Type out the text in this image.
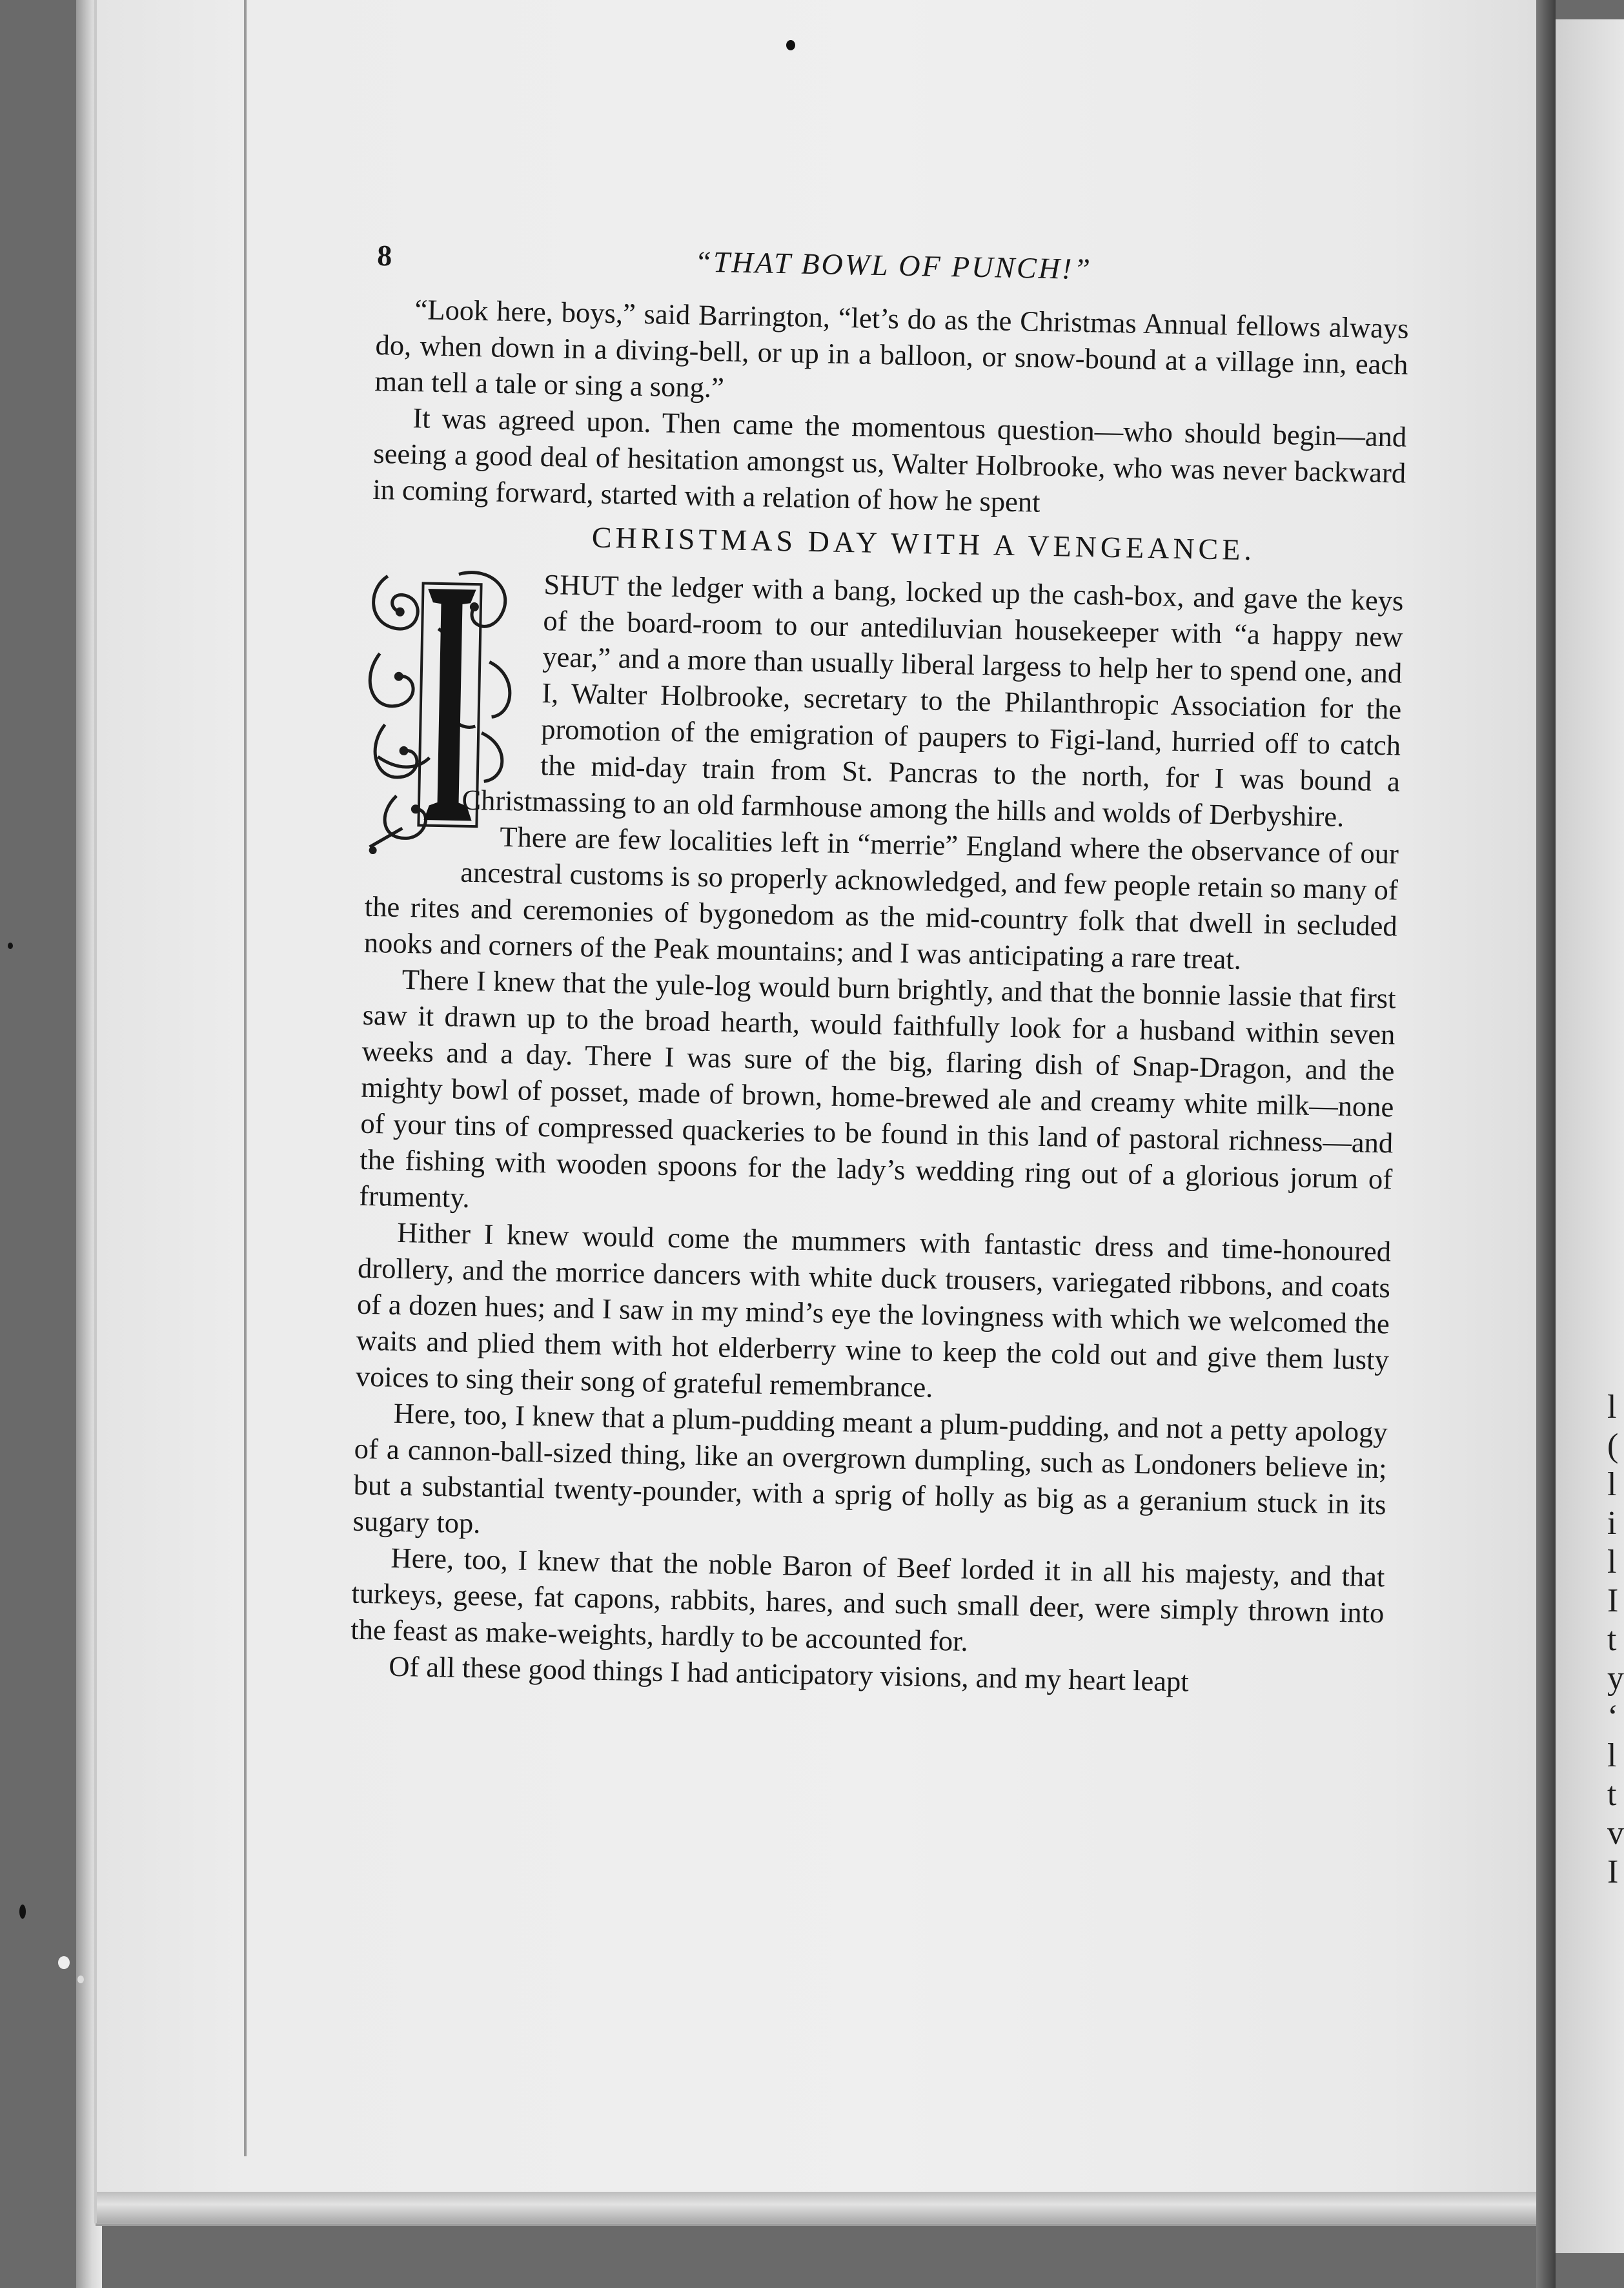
l
(
l
i
l
I
t
y
‘
l
t
v
I
8	“THAT BOWL OF PUNCH!”

“Look here, boys,” said Barrington, “let’s do as the Christmas Annual fellows always do, when down in a diving-bell, or up in a balloon, or snow-bound at a village inn, each man tell a tale or sing a song.”

It was agreed upon. Then came the momentous question—who should begin—and seeing a good deal of hesitation amongst us, Walter Holbrooke, who was never backward in coming forward, started with a relation of how he spent

CHRISTMAS DAY WITH A VENGEANCE.

SHUT the ledger with a bang, locked up the cash-box, and gave the keys of the board-room to our antediluvian housekeeper with “a happy new year,” and a more than usually liberal largess to help her to spend one, and I, Walter Holbrooke, secretary to the Philanthropic Association for the promotion of the emigration of paupers to Figi-land, hurried off to catch the mid-day train from St. Pancras to the north, for I was bound a Christmassing to an old farmhouse among the hills and wolds of Derbyshire.

There are few localities left in “merrie” England where the observance of our ancestral customs is so properly acknowledged, and few people retain so many of the rites and ceremonies of bygonedom as the mid-country folk that dwell in secluded nooks and corners of the Peak mountains; and I was anticipating a rare treat.

There I knew that the yule-log would burn brightly, and that the bonnie lassie that first saw it drawn up to the broad hearth, would faithfully look for a husband within seven weeks and a day. There I was sure of the big, flaring dish of Snap-Dragon, and the mighty bowl of posset, made of brown, home-brewed ale and creamy white milk—none of your tins of compressed quackeries to be found in this land of pastoral richness—and the fishing with wooden spoons for the lady’s wedding ring out of a glorious jorum of frumenty.

Hither I knew would come the mummers with fantastic dress and time-honoured drollery, and the morrice dancers with white duck trousers, variegated ribbons, and coats of a dozen hues; and I saw in my mind’s eye the lovingness with which we welcomed the waits and plied them with hot elderberry wine to keep the cold out and give them lusty voices to sing their song of grateful remembrance.

Here, too, I knew that a plum-pudding meant a plum-pudding, and not a petty apology of a cannon-ball-sized thing, like an overgrown dumpling, such as Londoners believe in; but a substantial twenty-pounder, with a sprig of holly as big as a geranium stuck in its sugary top.

Here, too, I knew that the noble Baron of Beef lorded it in all his majesty, and that turkeys, geese, fat capons, rabbits, hares, and such small deer, were simply thrown into the feast as make-weights, hardly to be accounted for.

Of all these good things I had anticipatory visions, and my heart leapt
